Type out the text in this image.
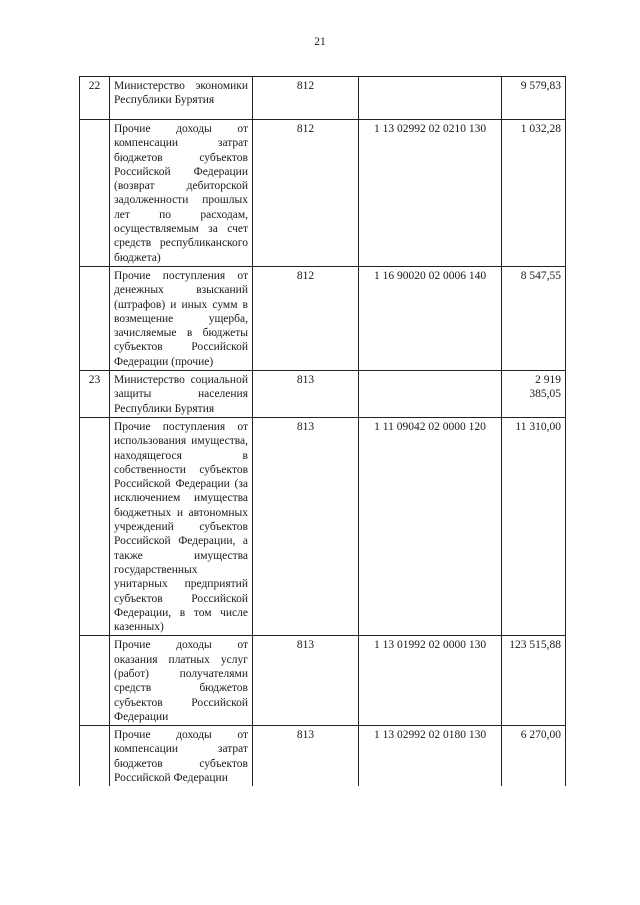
21
22	Министерство экономики Республики Бурятия	812		9 579,83
	Прочие доходы от компенсации затрат бюджетов субъектов Российской Федерации (возврат дебиторской задолженности прошлых лет по расходам, осуществляемым за счет средств республиканского бюджета)	812	1 13 02992 02 0210 130	1 032,28
	Прочие поступления от денежных взысканий (штрафов) и иных сумм в возмещение ущерба, зачисляемые в бюджеты субъектов Российской Федерации (прочие)	812	1 16 90020 02 0006 140	8 547,55
23	Министерство социальной защиты населения Республики Бурятия	813		2 919 385,05
	Прочие поступления от использования имущества, находящегося в собственности субъектов Российской Федерации (за исключением имущества бюджетных и автономных учреждений субъектов Российской Федерации, а также имущества государственных унитарных предприятий субъектов Российской Федерации, в том числе казенных)	813	1 11 09042 02 0000 120	11 310,00
	Прочие доходы от оказания платных услуг (работ) получателями средств бюджетов субъектов Российской Федерации	813	1 13 01992 02 0000 130	123 515,88
	Прочие доходы от компенсации затрат бюджетов субъектов Российской Федерации	813	1 13 02992 02 0180 130	6 270,00
